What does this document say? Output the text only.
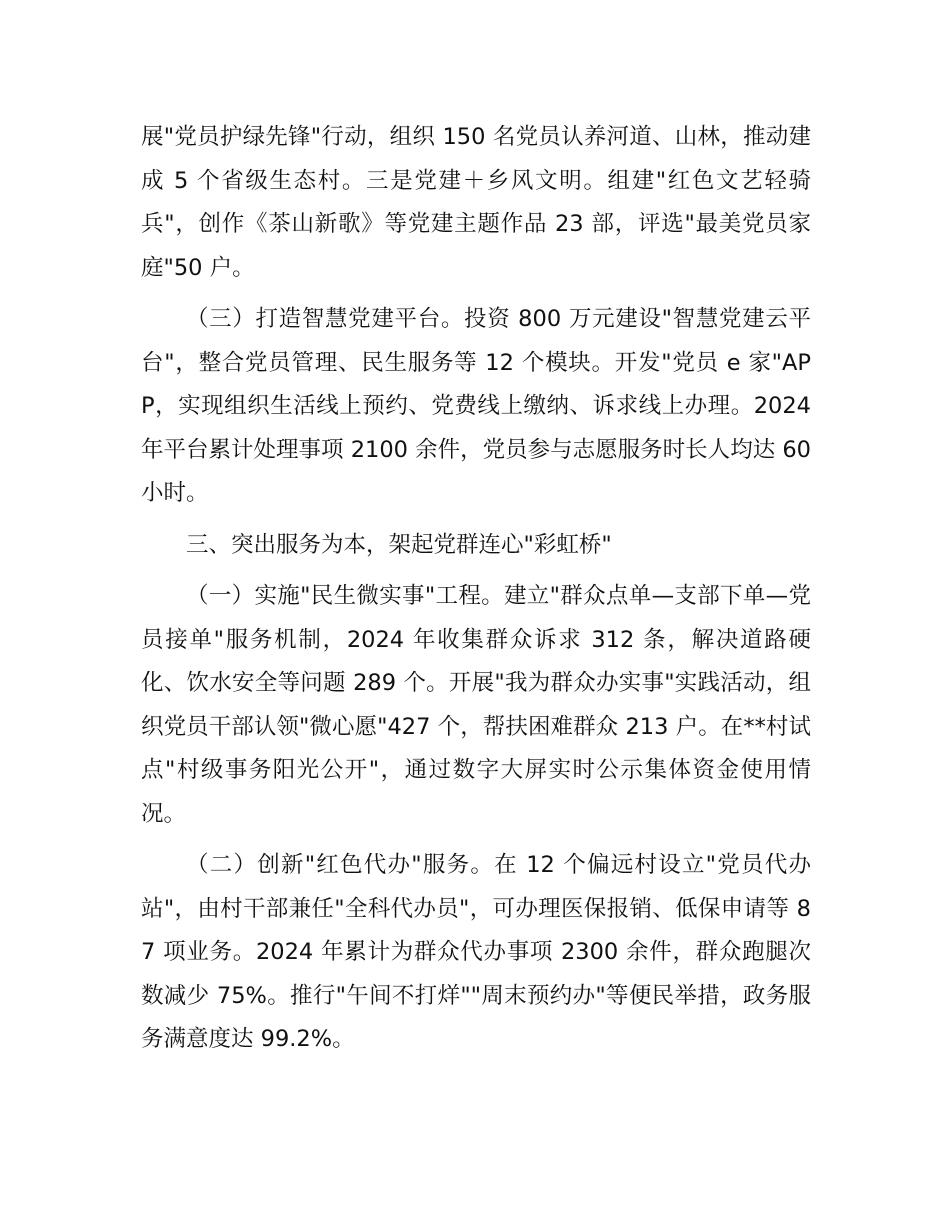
展"党员护绿先锋"行动，组织 150 名党员认养河道、山林，推动建成 5 个省级生态村。三是党建＋乡风文明。组建"红色文艺轻骑兵"，创作《茶山新歌》等党建主题作品 23 部，评选"最美党员家庭"50 户。

（三）打造智慧党建平台。投资 800 万元建设"智慧党建云平台"，整合党员管理、民生服务等 12 个模块。开发"党员 e 家"APP，实现组织生活线上预约、党费线上缴纳、诉求线上办理。2024 年平台累计处理事项 2100 余件，党员参与志愿服务时长人均达 60 小时。

三、突出服务为本，架起党群连心"彩虹桥"

（一）实施"民生微实事"工程。建立"群众点单—支部下单—党员接单"服务机制，2024 年收集群众诉求 312 条，解决道路硬化、饮水安全等问题 289 个。开展"我为群众办实事"实践活动，组织党员干部认领"微心愿"427 个，帮扶困难群众 213 户。在**村试点"村级事务阳光公开"，通过数字大屏实时公示集体资金使用情况。

（二）创新"红色代办"服务。在 12 个偏远村设立"党员代办站"，由村干部兼任"全科代办员"，可办理医保报销、低保申请等 87 项业务。2024 年累计为群众代办事项 2300 余件，群众跑腿次数减少 75%。推行"午间不打烊""周末预约办"等便民举措，政务服务满意度达 99.2%。
